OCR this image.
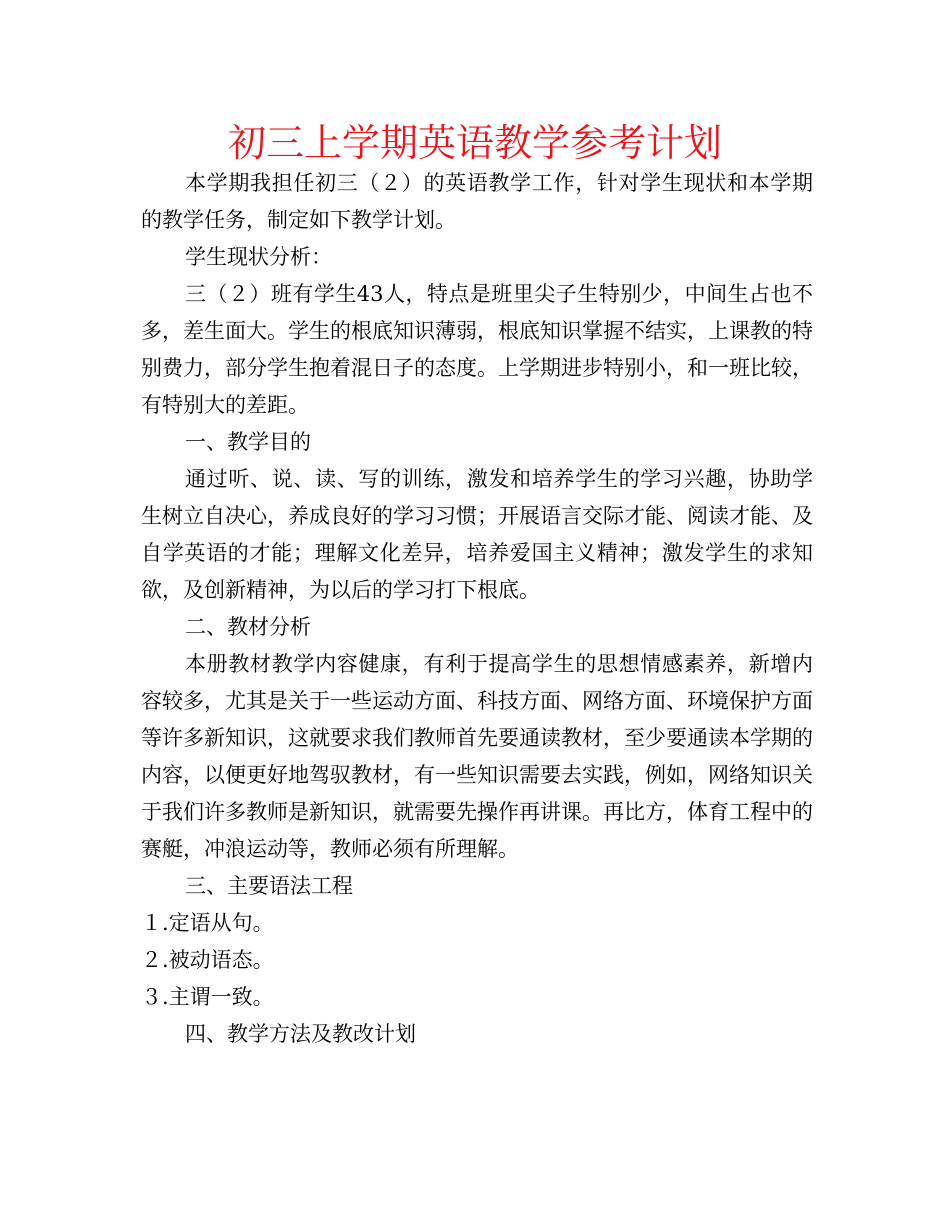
初三上学期英语教学参考计划

本学期我担任初三（２）的英语教学工作，针对学生现状和本学期的教学任务，制定如下教学计划。

学生现状分析：

三（２）班有学生43人，特点是班里尖子生特别少，中间生占也不多，差生面大。学生的根底知识薄弱，根底知识掌握不结实，上课教的特别费力，部分学生抱着混日子的态度。上学期进步特别小，和一班比较，有特别大的差距。

一、教学目的

通过听、说、读、写的训练，激发和培养学生的学习兴趣，协助学生树立自决心，养成良好的学习习惯；开展语言交际才能、阅读才能、及自学英语的才能；理解文化差异，培养爱国主义精神；激发学生的求知欲，及创新精神，为以后的学习打下根底。

二、教材分析

本册教材教学内容健康，有利于提高学生的思想情感素养，新增内容较多，尤其是关于一些运动方面、科技方面、网络方面、环境保护方面等许多新知识，这就要求我们教师首先要通读教材，至少要通读本学期的内容，以便更好地驾驭教材，有一些知识需要去实践，例如，网络知识关于我们许多教师是新知识，就需要先操作再讲课。再比方，体育工程中的赛艇，冲浪运动等，教师必须有所理解。

三、主要语法工程

１.定语从句。

２.被动语态。

３.主谓一致。

四、教学方法及教改计划
